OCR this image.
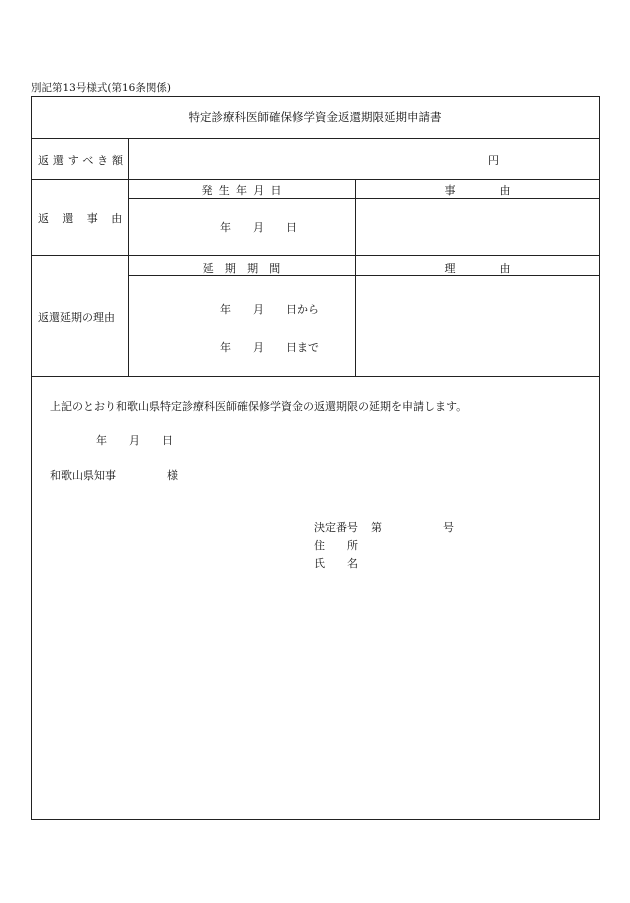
別記第13号様式(第16条関係)
特定診療科医師確保修学資金返還期限延期申請書
返還すべき額	円
返 還 事 由
発 生 年 月 日	事　　　　由
年　　月　　日
返還延期の理由
延 期 期 間	理　　　　由
年　　月　　日から
年　　月　　日まで
上記のとおり和歌山県特定診療科医師確保修学資金の返還期限の延期を申請します。
年　　月　　日
和歌山県知事	様
決定番号 第	号
住　　所
氏　　名
